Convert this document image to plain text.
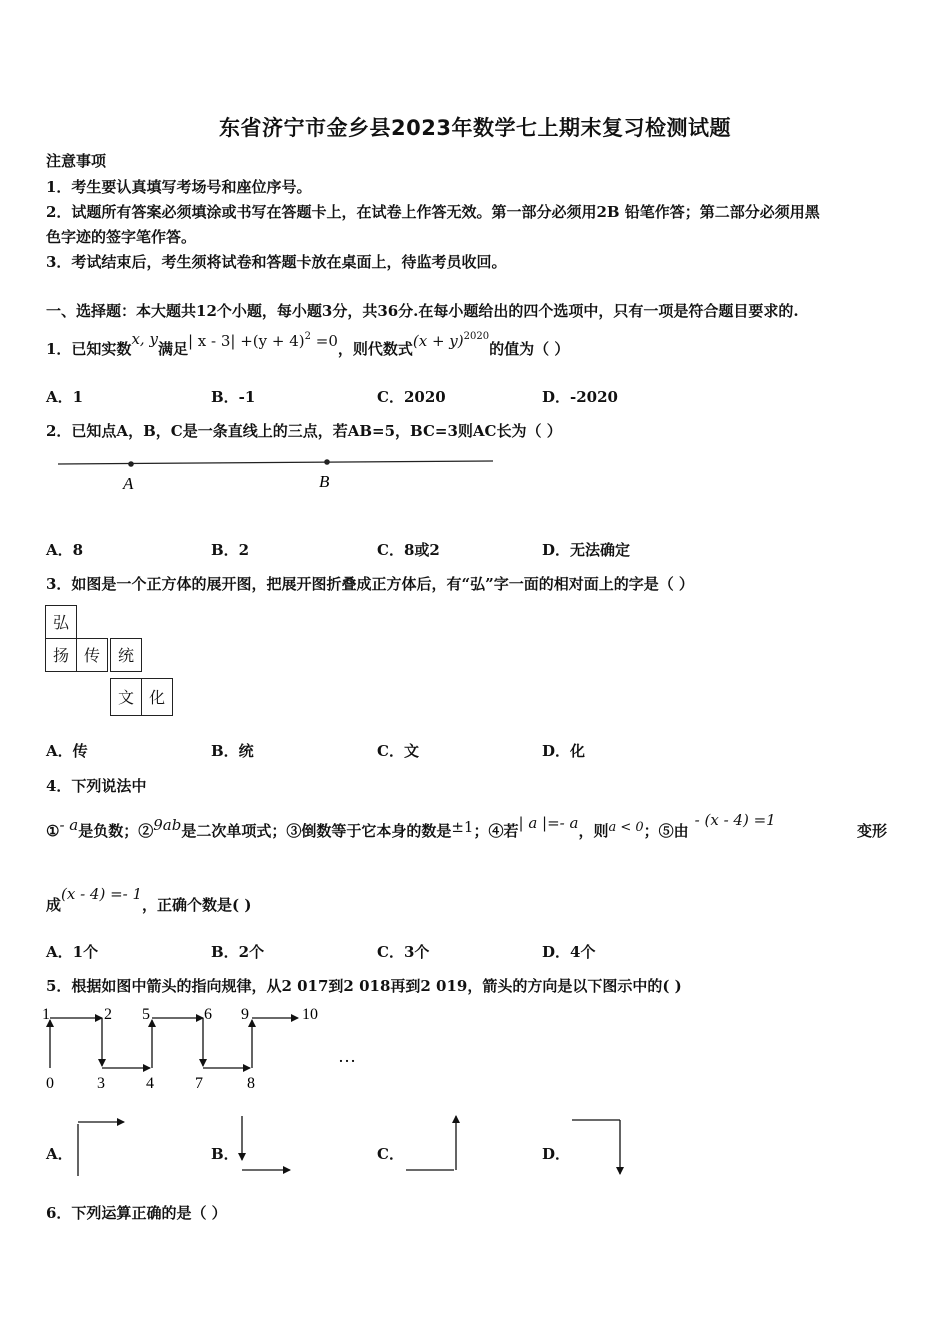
东省济宁市金乡县2023年数学七上期末复习检测试题
注意事项
1．考生要认真填写考场号和座位序号。
2．试题所有答案必须填涂或书写在答题卡上，在试卷上作答无效。第一部分必须用2B 铅笔作答；第二部分必须用黑
色字迹的签字笔作答。
3．考试结束后，考生须将试卷和答题卡放在桌面上，待监考员收回。
一、选择题：本大题共12个小题，每小题3分，共36分.在每小题给出的四个选项中，只有一项是符合题目要求的.
1．已知实数x, y满足| $x - 3| +(y + 4)^2 =0$，则代数式$(x + y)^{2020}$的值为（ ）
A．1	B．-1	C．2020	D．-2020
2．已知点A，B，C是一条直线上的三点，若AB=5，BC=3则AC长为（ ）
A	B
A．8	B．2	C．8或2	D．无法确定
3．如图是一个正方体的展开图，把展开图折叠成正方体后，有“弘”字一面的相对面上的字是（ ）
弘
扬 传	统
文 化
A．传	B．统	C．文	D．化
4．下列说法中
①- a是负数；②9ab是二次单项式；③倒数等于它本身的数是±1；④若| a |=- a，则a < 0；⑤由- (x - 4) =1
变形
成(x - 4) =- 1，正确个数是( )
A．1个	B．2个	C．3个	D．4个
5．根据如图中箭头的指向规律，从2 017到2 018再到2 019，箭头的方向是以下图示中的( )
1	2 5	6 9	10
0	3	4	7	8
…
A．	B．	C．	D．
6．下列运算正确的是（ ）
